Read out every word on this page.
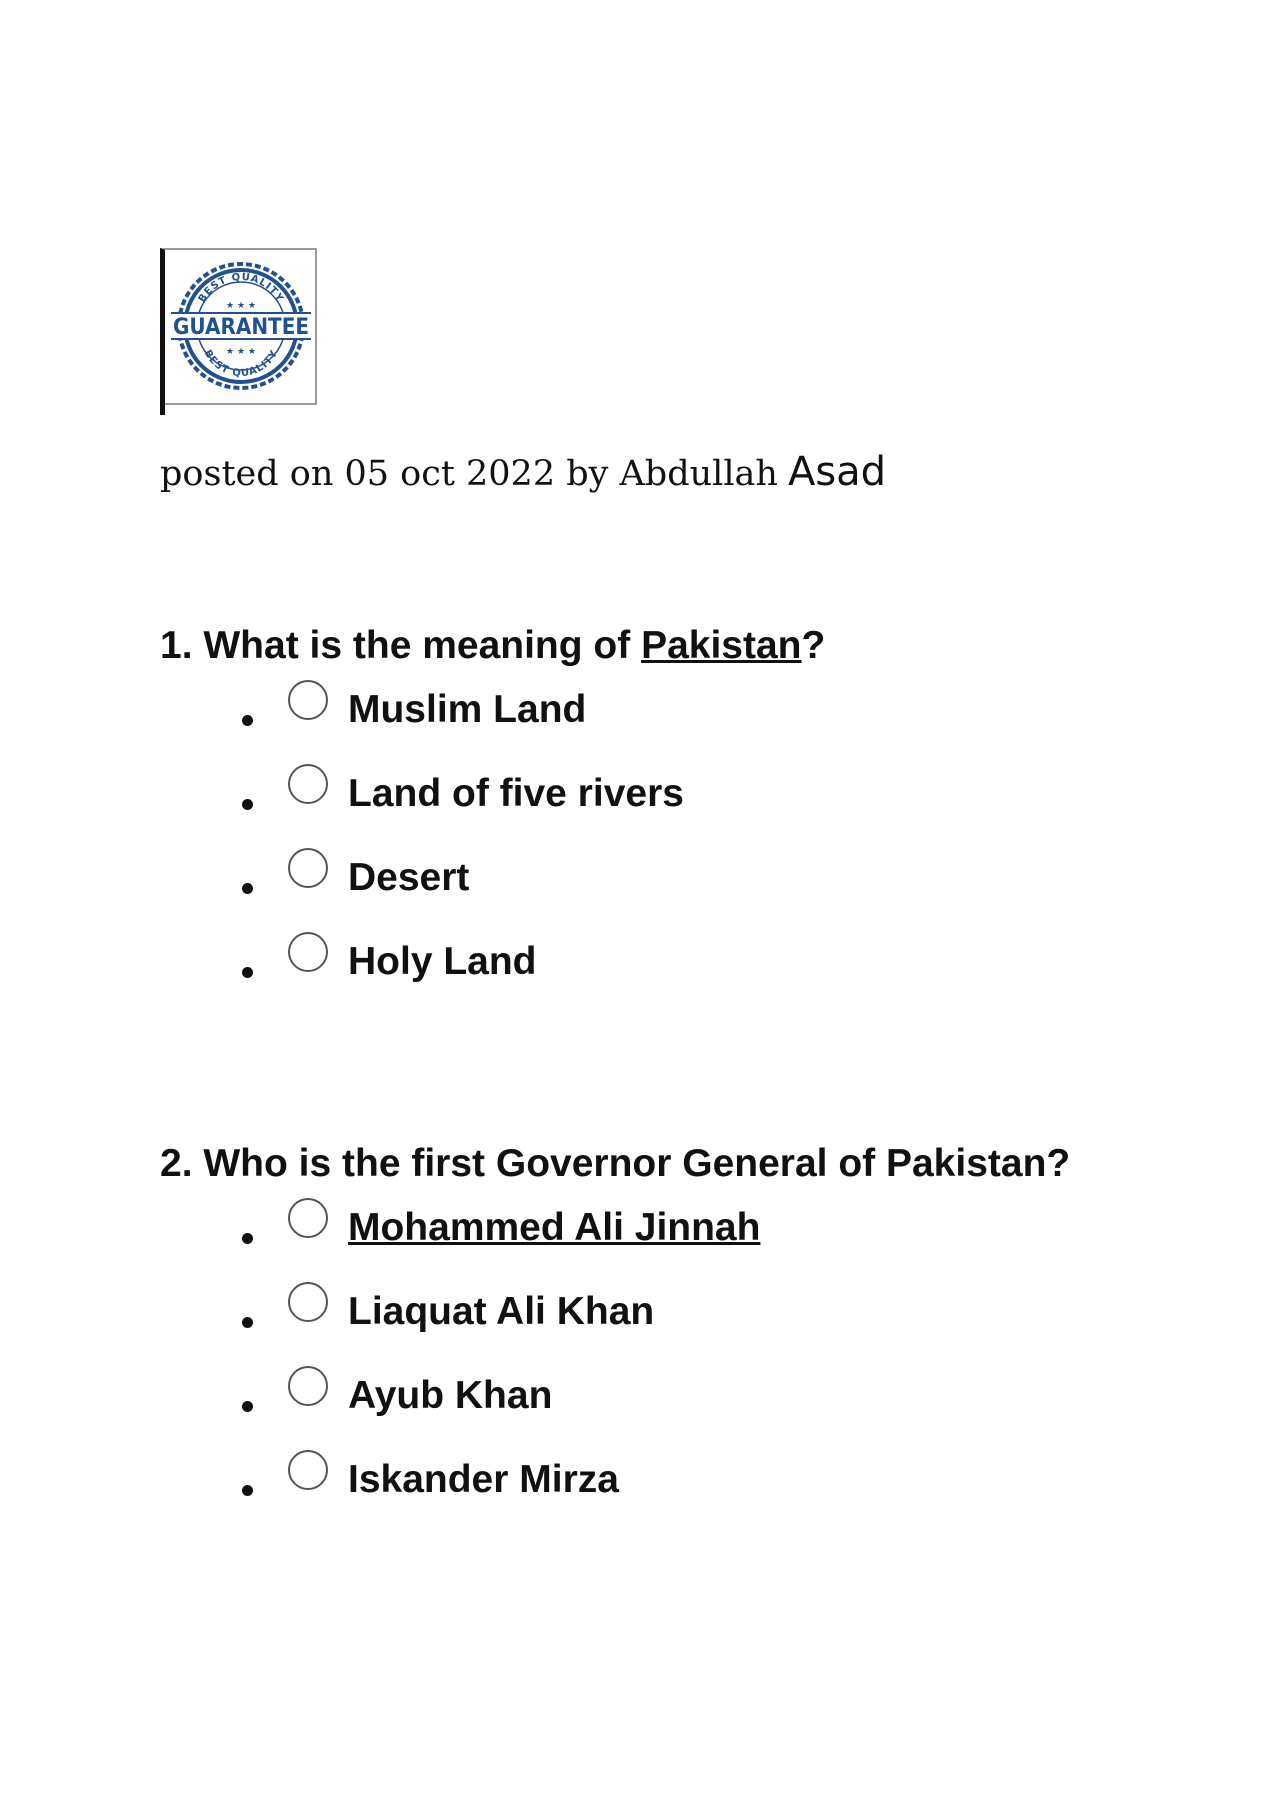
BEST QUALITY
BEST QUALITY
★ ★ ★
★ ★ ★
GUARANTEE
posted on 05 oct 2022 by Abdullah Asad
1. What is the meaning of Pakistan?
Muslim Land
Land of five rivers
Desert
Holy Land
2. Who is the first Governor General of Pakistan?
Mohammed Ali Jinnah
Liaquat Ali Khan
Ayub Khan
Iskander Mirza
